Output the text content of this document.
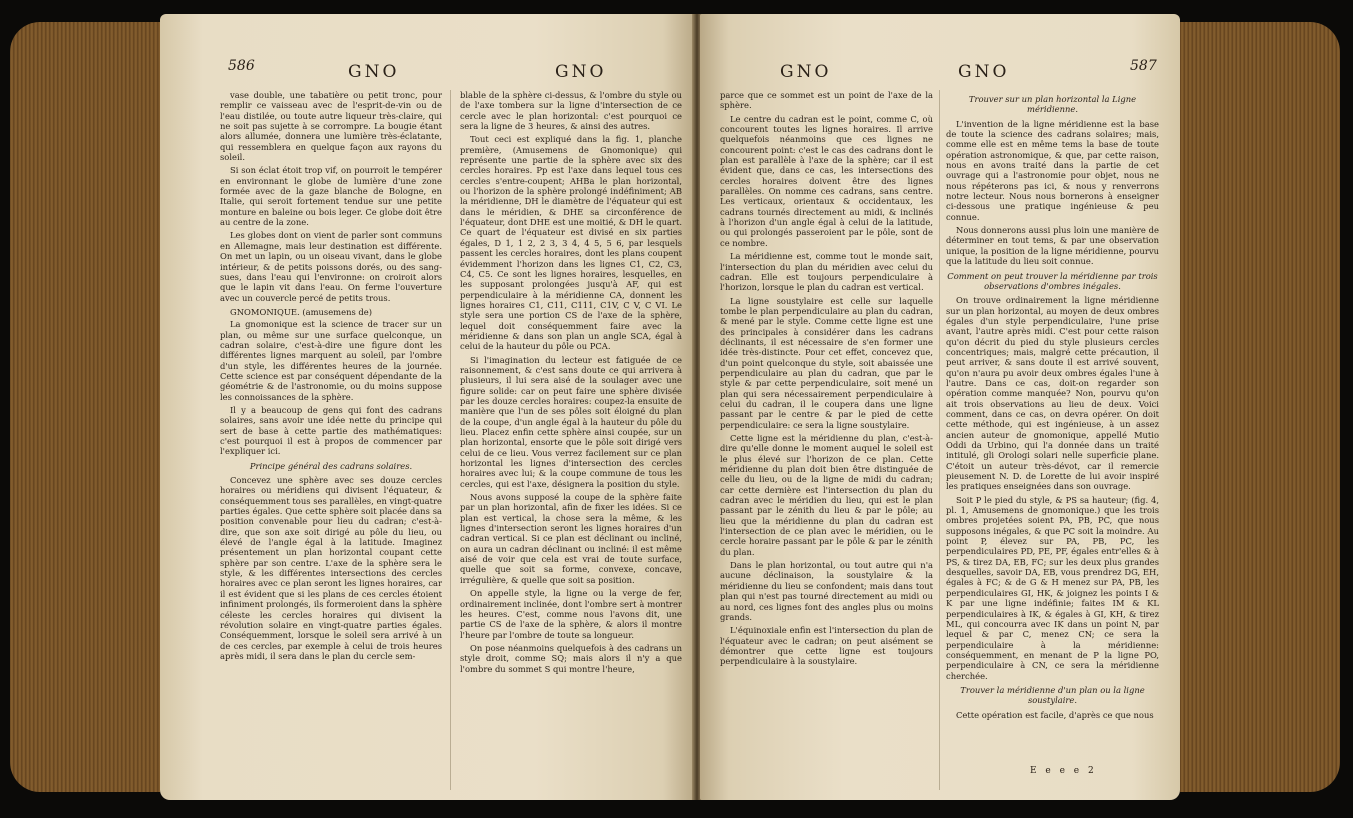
586	GNO	GNO

vase double, une tabatière ou petit tronc, pour remplir ce vaisseau avec de l'esprit-de-vin ou de l'eau distilée, ou toute autre liqueur très-claire, qui ne soit pas sujette à se corrompre. La bougie étant alors allumée, donnera une lumière très-éclatante, qui ressemblera en quelque façon aux rayons du soleil.

Si son éclat étoit trop vif, on pourroit le tempérer en environnant le globe de lumière d'une zone formée avec de la gaze blanche de Bologne, en Italie, qui seroit fortement tendue sur une petite monture en baleine ou bois leger. Ce globe doit être au centre de la zone.

Les globes dont on vient de parler sont communs en Allemagne, mais leur destination est différente. On met un lapin, ou un oiseau vivant, dans le globe intérieur, & de petits poissons dorés, ou des sang-sues, dans l'eau qui l'environne: on croiroit alors que le lapin vit dans l'eau. On ferme l'ouverture avec un couvercle percé de petits trous.

GNOMONIQUE. (amusemens de)

La gnomonique est la science de tracer sur un plan, ou même sur une surface quelconque, un cadran solaire, c'est-à-dire une figure dont les différentes lignes marquent au soleil, par l'ombre d'un style, les différentes heures de la journée. Cette science est par conséquent dépendante de la géométrie & de l'astronomie, ou du moins suppose les connoissances de la sphère.

Il y a beaucoup de gens qui font des cadrans solaires, sans avoir une idée nette du principe qui sert de base à cette partie des mathématiques: c'est pourquoi il est à propos de commencer par l'expliquer ici.

Principe général des cadrans solaires.

Concevez une sphère avec ses douze cercles horaires ou méridiens qui divisent l'équateur, & conséquemment tous ses parallèles, en vingt-quatre parties égales. Que cette sphère soit placée dans sa position convenable pour lieu du cadran; c'est-à-dire, que son axe soit dirigé au pôle du lieu, ou élevé de l'angle égal à la latitude. Imaginez présentement un plan horizontal coupant cette sphère par son centre. L'axe de la sphère sera le style, & les différentes intersections des cercles horaires avec ce plan seront les lignes horaires, car il est évident que si les plans de ces cercles étoient infiniment prolongés, ils formeroient dans la sphère céleste les cercles horaires qui divisent la révolution solaire en vingt-quatre parties égales. Conséquemment, lorsque le soleil sera arrivé à un de ces cercles, par exemple à celui de trois heures après midi, il sera dans le plan du cercle sem-

blable de la sphère ci-dessus, & l'ombre du style ou de l'axe tombera sur la ligne d'intersection de ce cercle avec le plan horizontal: c'est pourquoi ce sera la ligne de 3 heures, & ainsi des autres.

Tout ceci est expliqué dans la fig. 1, planche première, (Amusemens de Gnomonique) qui représente une partie de la sphère avec six des cercles horaires. Pp est l'axe dans lequel tous ces cercles s'entre-coupent; AHBa le plan horizontal, ou l'horizon de la sphère prolongé indéfiniment; AB la méridienne, DH le diamètre de l'équateur qui est dans le méridien, & DHE sa circonférence de l'équateur, dont DHE est une moitié, & DH le quart. Ce quart de l'équateur est divisé en six parties égales, D 1, 1 2, 2 3, 3 4, 4 5, 5 6, par lesquels passent les cercles horaires, dont les plans coupent évidemment l'horizon dans les lignes C1, C2, C3, C4, C5. Ce sont les lignes horaires, lesquelles, en les supposant prolongées jusqu'à AF, qui est perpendiculaire à la méridienne CA, donnent les lignes horaires C1, C11, C111, C1V, C V, C VI. Le style sera une portion CS de l'axe de la sphère, lequel doit conséquemment faire avec la méridienne & dans son plan un angle SCA, égal à celui de la hauteur du pôle ou PCA.

Si l'imagination du lecteur est fatiguée de ce raisonnement, & c'est sans doute ce qui arrivera à plusieurs, il lui sera aisé de la soulager avec une figure solide: car on peut faire une sphère divisée par les douze cercles horaires: coupez-la ensuite de manière que l'un de ses pôles soit éloigné du plan de la coupe, d'un angle égal à la hauteur du pôle du lieu. Placez enfin cette sphère ainsi coupée, sur un plan horizontal, ensorte que le pôle soit dirigé vers celui de ce lieu. Vous verrez facilement sur ce plan horizontal les lignes d'intersection des cercles horaires avec lui; & la coupe commune de tous les cercles, qui est l'axe, désignera la position du style.

Nous avons supposé la coupe de la sphère faite par un plan horizontal, afin de fixer les idées. Si ce plan est vertical, la chose sera la même, & les lignes d'intersection seront les lignes horaires d'un cadran vertical. Si ce plan est déclinant ou incliné, on aura un cadran déclinant ou incliné: il est même aisé de voir que cela est vrai de toute surface, quelle que soit sa forme, convexe, concave, irrégulière, & quelle que soit sa position.

On appelle style, la ligne ou la verge de fer, ordinairement inclinée, dont l'ombre sert à montrer les heures. C'est, comme nous l'avons dit, une partie CS de l'axe de la sphère, & alors il montre l'heure par l'ombre de toute sa longueur.

On pose néanmoins quelquefois à des cadrans un style droit, comme SQ; mais alors il n'y a que l'ombre du sommet S qui montre l'heure,

GNO	GNO	587

parce que ce sommet est un point de l'axe de la sphère.

Le centre du cadran est le point, comme C, où concourent toutes les lignes horaires. Il arrive quelquefois néanmoins que ces lignes ne concourent point: c'est le cas des cadrans dont le plan est parallèle à l'axe de la sphère; car il est évident que, dans ce cas, les intersections des cercles horaires doivent être des lignes parallèles. On nomme ces cadrans, sans centre. Les verticaux, orientaux & occidentaux, les cadrans tournés directement au midi, & inclinés à l'horizon d'un angle égal à celui de la latitude, ou qui prolongés passeroient par le pôle, sont de ce nombre.

La méridienne est, comme tout le monde sait, l'intersection du plan du méridien avec celui du cadran. Elle est toujours perpendiculaire à l'horizon, lorsque le plan du cadran est vertical.

La ligne soustylaire est celle sur laquelle tombe le plan perpendiculaire au plan du cadran, & mené par le style. Comme cette ligne est une des principales à considérer dans les cadrans déclinants, il est nécessaire de s'en former une idée très-distincte. Pour cet effet, concevez que, d'un point quelconque du style, soit abaissée une perpendiculaire au plan du cadran, que par le style & par cette perpendiculaire, soit mené un plan qui sera nécessairement perpendiculaire à celui du cadran, il le coupera dans une ligne passant par le centre & par le pied de cette perpendiculaire: ce sera la ligne soustylaire.

Cette ligne est la méridienne du plan, c'est-à-dire qu'elle donne le moment auquel le soleil est le plus élevé sur l'horizon de ce plan. Cette méridienne du plan doit bien être distinguée de celle du lieu, ou de la ligne de midi du cadran; car cette dernière est l'intersection du plan du cadran avec le méridien du lieu, qui est le plan passant par le zénith du lieu & par le pôle; au lieu que la méridienne du plan du cadran est l'intersection de ce plan avec le méridien, ou le cercle horaire passant par le pôle & par le zénith du plan.

Dans le plan horizontal, ou tout autre qui n'a aucune déclinaison, la soustylaire & la méridienne du lieu se confondent; mais dans tout plan qui n'est pas tourné directement au midi ou au nord, ces lignes font des angles plus ou moins grands.

L'équinoxiale enfin est l'intersection du plan de l'équateur avec le cadran; on peut aisément se démontrer que cette ligne est toujours perpendiculaire à la soustylaire.

Trouver sur un plan horizontal la Ligne méridienne.

L'invention de la ligne méridienne est la base de toute la science des cadrans solaires; mais, comme elle est en même tems la base de toute opération astronomique, & que, par cette raison, nous en avons traité dans la partie de cet ouvrage qui a l'astronomie pour objet, nous ne nous répéterons pas ici, & nous y renverrons notre lecteur. Nous nous bornerons à enseigner ci-dessous une pratique ingénieuse & peu connue.

Nous donnerons aussi plus loin une manière de déterminer en tout tems, & par une observation unique, la position de la ligne méridienne, pourvu que la latitude du lieu soit connue.

Comment on peut trouver la méridienne par trois observations d'ombres inégales.

On trouve ordinairement la ligne méridienne sur un plan horizontal, au moyen de deux ombres égales d'un style perpendiculaire, l'une prise avant, l'autre après midi. C'est pour cette raison qu'on décrit du pied du style plusieurs cercles concentriques; mais, malgré cette précaution, il peut arriver, & sans doute il est arrivé souvent, qu'on n'aura pu avoir deux ombres égales l'une à l'autre. Dans ce cas, doit-on regarder son opération comme manquée? Non, pourvu qu'on ait trois observations au lieu de deux. Voici comment, dans ce cas, on devra opérer. On doit cette méthode, qui est ingénieuse, à un assez ancien auteur de gnomonique, appellé Mutio Oddi da Urbino, qui l'a donnée dans un traité intitulé, gli Orologi solari nelle superficie plane. C'étoit un auteur très-dévot, car il remercie pieusement N. D. de Lorette de lui avoir inspiré les pratiques enseignées dans son ouvrage.

Soit P le pied du style, & PS sa hauteur; (fig. 4, pl. 1, Amusemens de gnomonique.) que les trois ombres projetées soient PA, PB, PC, que nous supposons inégales, & que PC soit la moindre. Au point P, élevez sur PA, PB, PC, les perpendiculaires PD, PE, PF, égales entr'elles & à PS, & tirez DA, EB, FC; sur les deux plus grandes desquelles, savoir DA, EB, vous prendrez DG, EH, égales à FC; & de G & H menez sur PA, PB, les perpendiculaires GI, HK, & joignez les points I & K par une ligne indéfinie; faites IM & KL perpendiculaires à IK, & égales à GI, KH, & tirez ML, qui concourra avec IK dans un point N, par lequel & par C, menez CN; ce sera la perpendiculaire à la méridienne: conséquemment, en menant de P la ligne PO, perpendiculaire à CN, ce sera la méridienne cherchée.

Trouver la méridienne d'un plan ou la ligne soustylaire.

Cette opération est facile, d'après ce que nous

E e e e 2
